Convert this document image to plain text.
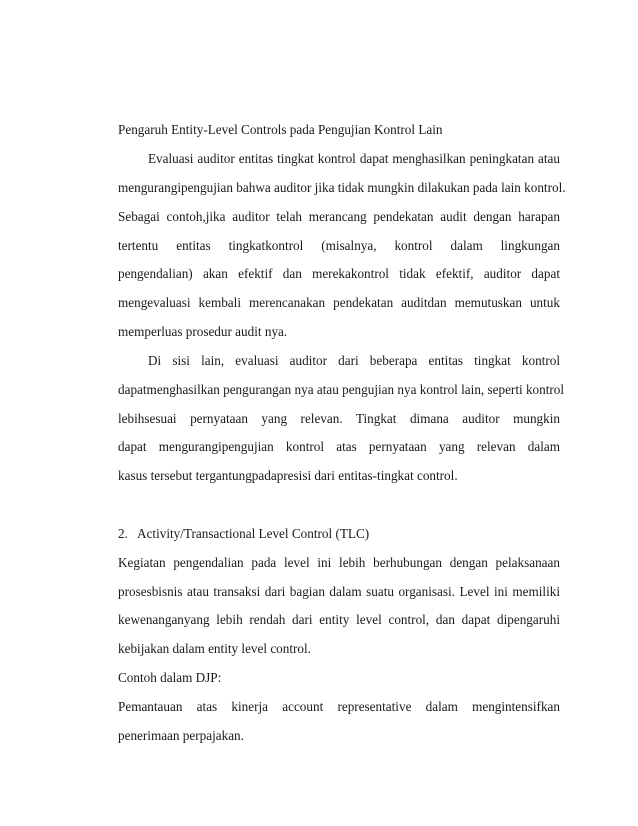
Pengaruh Entity-Level Controls pada Pengujian Kontrol Lain
Evaluasi auditor entitas tingkat kontrol dapat menghasilkan peningkatan atau
mengurangipengujian bahwa auditor jika tidak mungkin dilakukan pada lain kontrol.
Sebagai contoh,jika auditor telah merancang pendekatan audit dengan harapan
tertentu entitas tingkatkontrol (misalnya, kontrol dalam lingkungan
pengendalian) akan efektif dan merekakontrol tidak efektif, auditor dapat
mengevaluasi kembali merencanakan pendekatan auditdan memutuskan untuk
memperluas prosedur audit nya.
Di sisi lain, evaluasi auditor dari beberapa entitas tingkat kontrol
dapatmenghasilkan pengurangan nya atau pengujian nya kontrol lain, seperti kontrol
lebihsesuai pernyataan yang relevan. Tingkat dimana auditor mungkin
dapat mengurangipengujian kontrol atas pernyataan yang relevan dalam
kasus tersebut tergantungpadapresisi dari entitas-tingkat control.
2.   Activity/Transactional Level Control (TLC)
Kegiatan pengendalian pada level ini lebih berhubungan dengan pelaksanaan
prosesbisnis atau transaksi dari bagian dalam suatu organisasi. Level ini memiliki
kewenanganyang lebih rendah dari entity level control, dan dapat dipengaruhi
kebijakan dalam entity level control.
Contoh dalam DJP:
Pemantauan atas kinerja account representative dalam mengintensifkan
penerimaan perpajakan.
